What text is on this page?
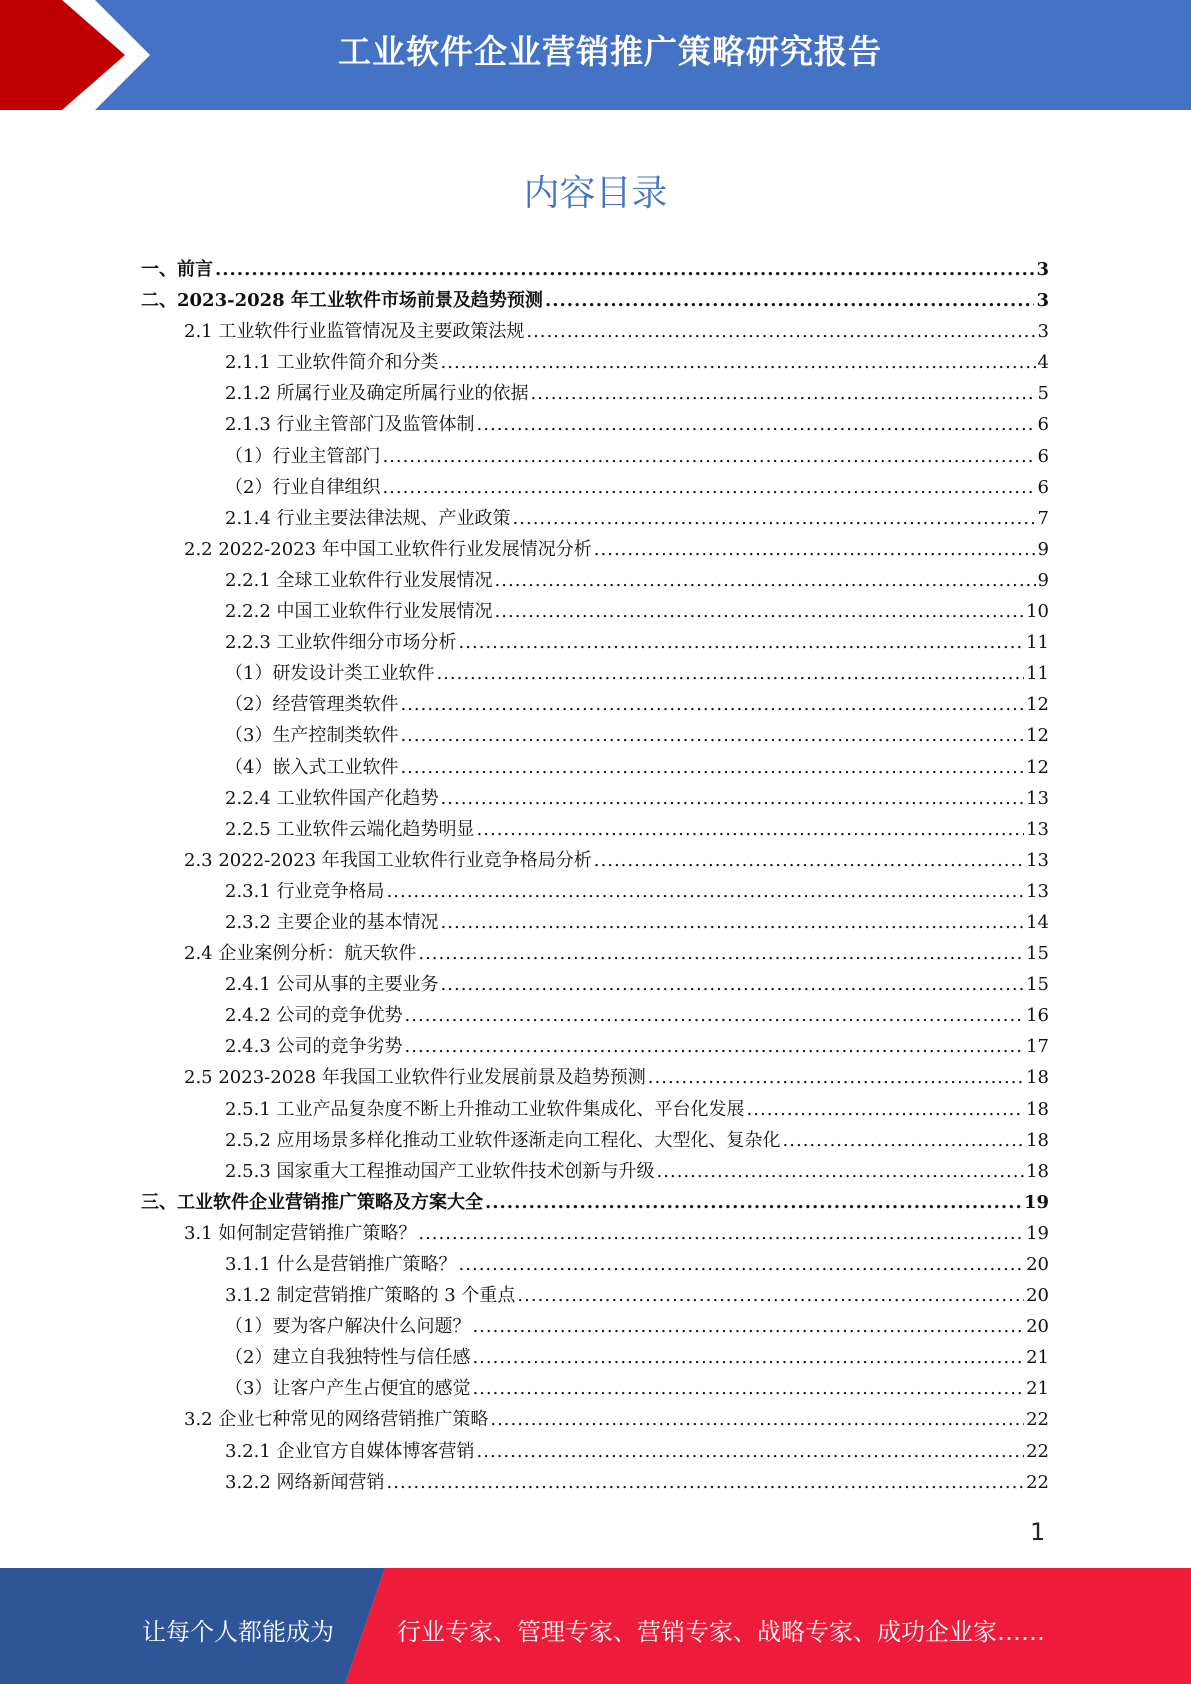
工业软件企业营销推广策略研究报告
内容目录
一、前言 .....	3
二、2023-2028 年工业软件市场前景及趋势预测 .....	3
2.1 工业软件行业监管情况及主要政策法规 .....	3
2.1.1 工业软件简介和分类 .....	4
2.1.2 所属行业及确定所属行业的依据 .....	5
2.1.3 行业主管部门及监管体制 .....	6
（1）行业主管部门 .....	6
（2）行业自律组织 .....	6
2.1.4 行业主要法律法规、产业政策 .....	7
2.2 2022-2023 年中国工业软件行业发展情况分析 .....	9
2.2.1 全球工业软件行业发展情况 .....	9
2.2.2 中国工业软件行业发展情况 .....	10
2.2.3 工业软件细分市场分析 .....	11
（1）研发设计类工业软件 .....	11
（2）经营管理类软件 .....	12
（3）生产控制类软件 .....	12
（4）嵌入式工业软件 .....	12
2.2.4 工业软件国产化趋势 .....	13
2.2.5 工业软件云端化趋势明显 .....	13
2.3 2022-2023 年我国工业软件行业竞争格局分析 .....	13
2.3.1 行业竞争格局 .....	13
2.3.2 主要企业的基本情况 .....	14
2.4 企业案例分析：航天软件 .....	15
2.4.1 公司从事的主要业务 .....	15
2.4.2 公司的竞争优势 .....	16
2.4.3 公司的竞争劣势 .....	17
2.5 2023-2028 年我国工业软件行业发展前景及趋势预测 .....	18
2.5.1 工业产品复杂度不断上升推动工业软件集成化、平台化发展 .....	18
2.5.2 应用场景多样化推动工业软件逐渐走向工程化、大型化、复杂化 .....	18
2.5.3 国家重大工程推动国产工业软件技术创新与升级 .....	18
三、工业软件企业营销推广策略及方案大全 .....	19
3.1 如何制定营销推广策略？ .....	19
3.1.1 什么是营销推广策略？ .....	20
3.1.2 制定营销推广策略的 3 个重点 .....	20
（1）要为客户解决什么问题？ .....	20
（2）建立自我独特性与信任感 .....	21
（3）让客户产生占便宜的感觉 .....	21
3.2 企业七种常见的网络营销推广策略 .....	22
3.2.1 企业官方自媒体博客营销 .....	22
3.2.2 网络新闻营销 .....	22
1
让每个人都能成为	行业专家、管理专家、营销专家、战略专家、成功企业家……
